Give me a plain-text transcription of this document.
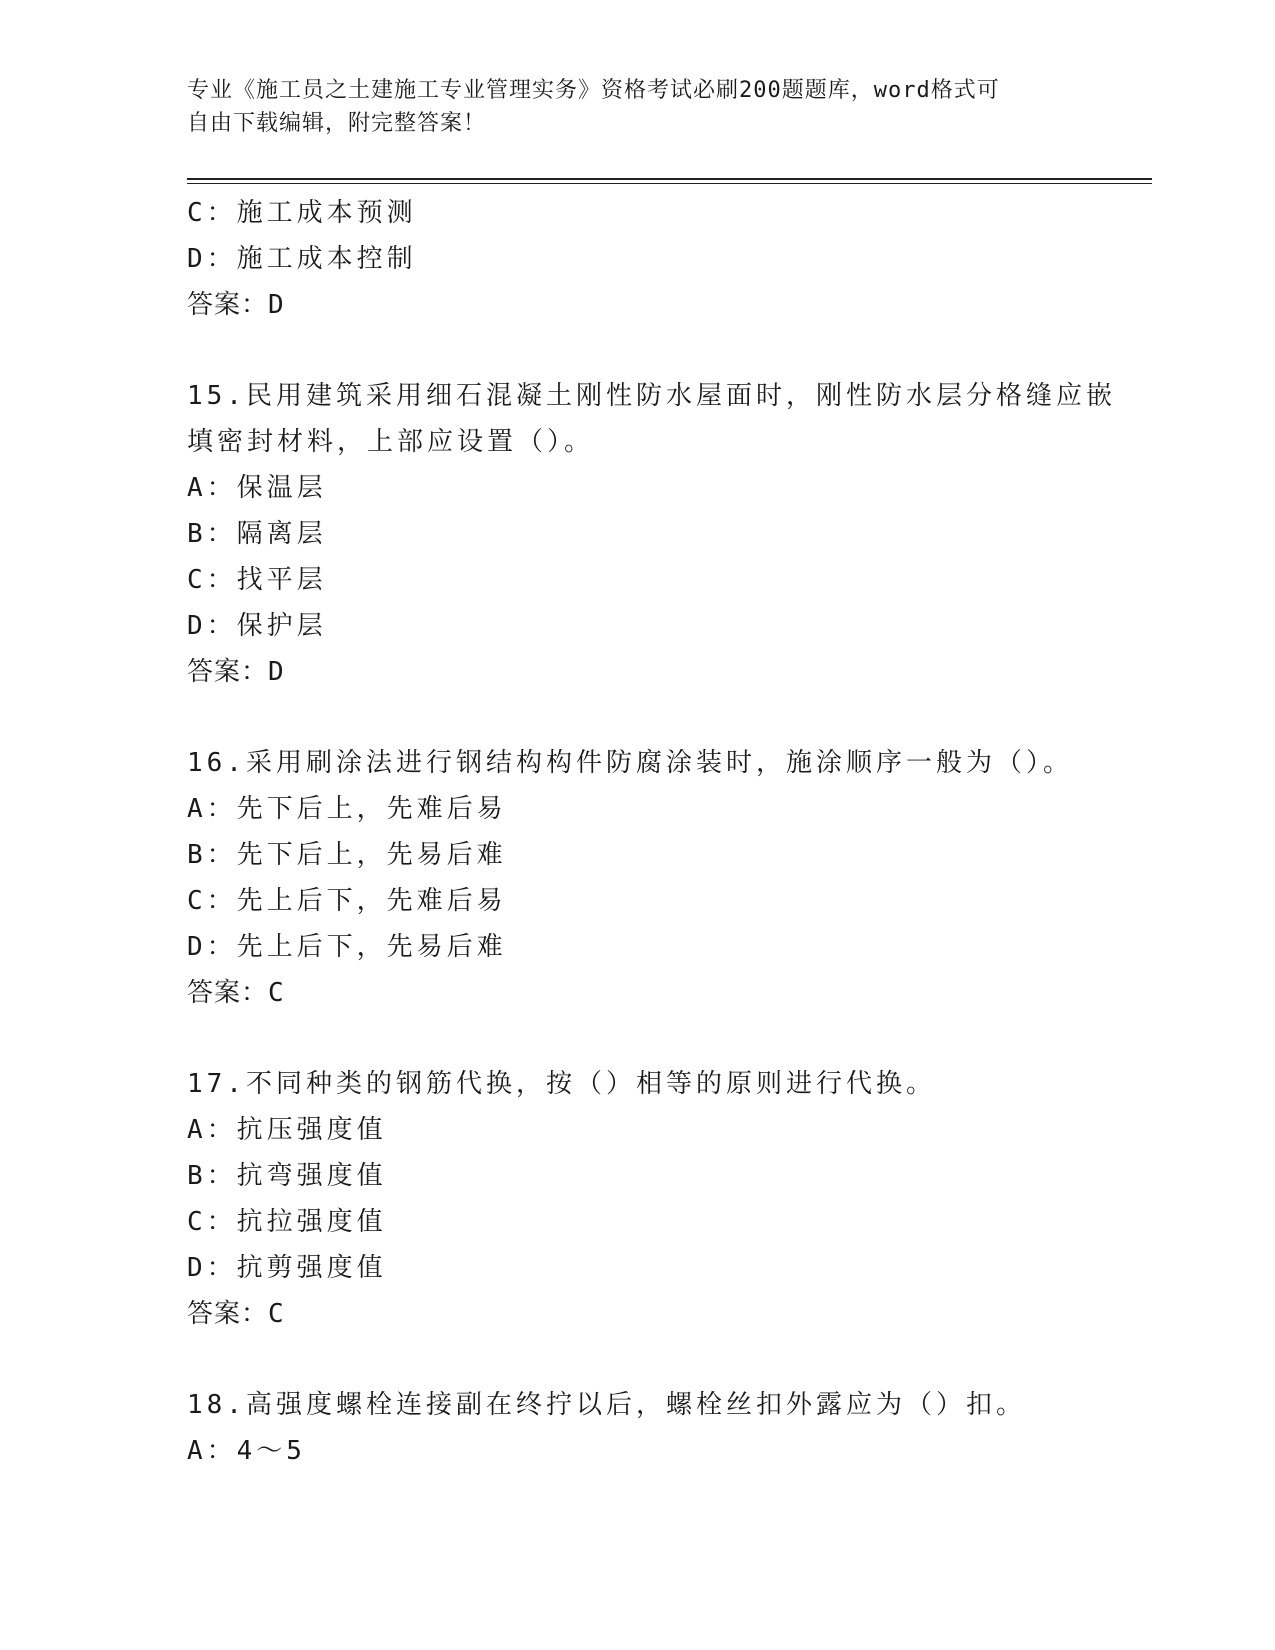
专业《施工员之土建施工专业管理实务》资格考试必刷200题题库，word格式可
自由下载编辑，附完整答案！
C：施工成本预测
D：施工成本控制
答案：D
15.民用建筑采用细石混凝土刚性防水屋面时，刚性防水层分格缝应嵌
填密封材料，上部应设置（）。
A：保温层
B：隔离层
C：找平层
D：保护层
答案：D
16.采用刷涂法进行钢结构构件防腐涂装时，施涂顺序一般为（）。
A：先下后上，先难后易
B：先下后上，先易后难
C：先上后下，先难后易
D：先上后下，先易后难
答案：C
17.不同种类的钢筋代换，按（）相等的原则进行代换。
A：抗压强度值
B：抗弯强度值
C：抗拉强度值
D：抗剪强度值
答案：C
18.高强度螺栓连接副在终拧以后，螺栓丝扣外露应为（）扣。
A：4～5
